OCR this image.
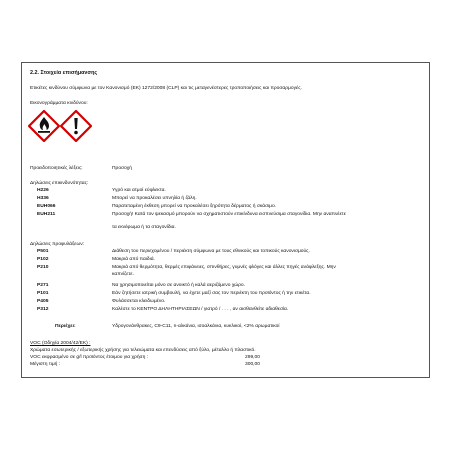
2.2. Στοιχεία επισήμανσης
Ετικέτες κινδύνου σύμφωνα με τον Κανονισμό (ΕΚ) 1272/2008 (CLP) και τις μεταγενέστερες τροποποιήσεις και προσαρμογές.
Εικονογράμματα κινδύνου:
Προειδοποιητικές λέξεις:	Προσοχή
Δηλώσεις επικινδυνότητας:
H226	Υγρό και ατμοί εύφλεκτα.
H336	Μπορεί να προκαλέσει υπνηλία ή ζάλη.
EUH066	Παρατεταμένη έκθεση μπορεί να προκαλέσει ξηρότητα δέρματος ή σκάσιμο.
EUH211	Προσοχή! Κατά τον ψεκασμό μπορούν να σχηματιστούν επικίνδυνα εισπνεύσιμα σταγονίδια. Μην αναπνέετε
τα εκνέφωμα ή τα σταγονίδια.
Δηλώσεις προφυλάξεων:
P501	Διάθεση του περιεχομένου / περιέκτη σύμφωνα με τους εθνικούς και τοπικούς κανονισμούς.
P102	Μακριά από παιδιά.
P210	Μακριά από θερμότητα, θερμές επιφάνειες, σπινθήρες, γυμνές φλόγες και άλλες πηγές ανάφλεξης. Μην
καπνίζετε.
P271	Να χρησιμοποιείται μόνο σε ανοικτό ή καλά αεριζόμενο χώρο.
P101	Εάν ζητήσετε ιατρική συμβουλή, να έχετε μαζί σας τον περιέκτη του προϊόντος ή την ετικέτα.
P405	Φυλάσσεται κλειδωμένο.
P312	Καλέστε το ΚΕΝΤΡΟ ΔΗΛΗΤΗΡΙΑΣΕΩΝ / γιατρό / . . . , αν αισθανθείτε αδιαθεσία.
Περιέχει:	Υδρογονάνθρακες, C9-C11, n-αλκάνια, ισοαλκάνια, κυκλικοί, <2% αρωματικοί
VOC (Οδηγία 2004/42/EK) :
Χρώματα εσωτερικής / εξωτερικής χρήσης για τελειώματα και επενδύσεις από ξύλο, μέταλλο ή πλαστικό.
VOC εκφρασμένο σε g/l προϊόντος έτοιμου για χρήση :	299,00
Μέγιστη τιμή :	300,00
